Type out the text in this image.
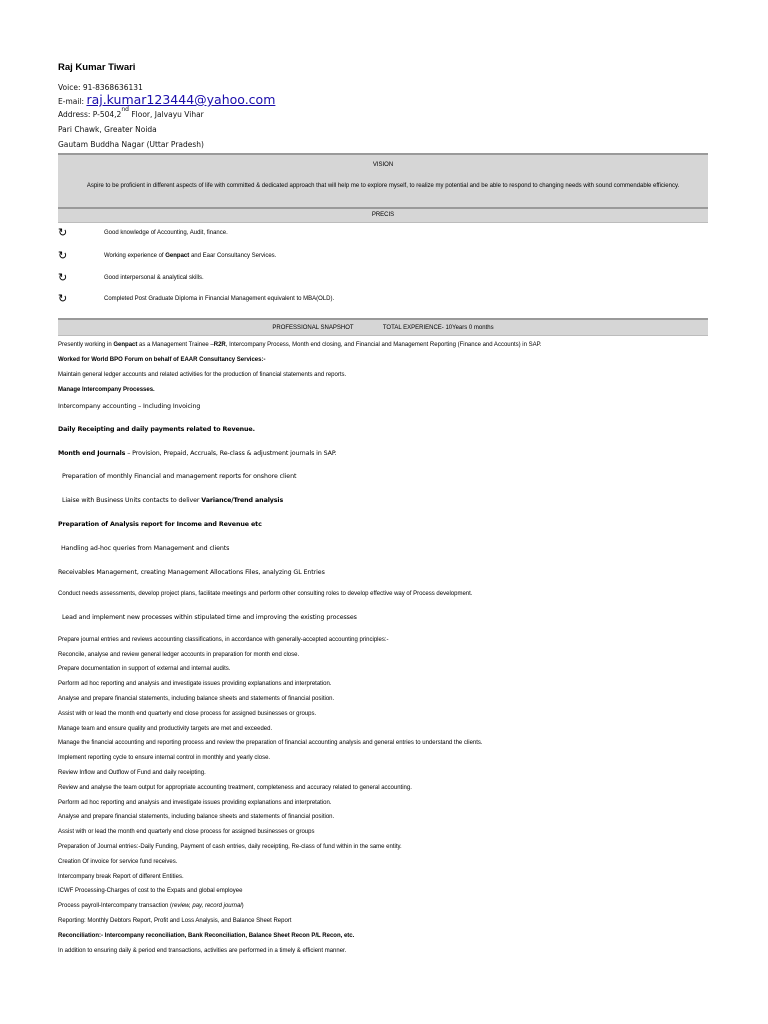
Raj Kumar Tiwari
Voice: 91-8368636131
E-mail: raj.kumar123444@yahoo.com
Address: P-504,2nd Floor, Jalvayu Vihar
Pari Chawk, Greater Noida
Gautam Buddha Nagar (Uttar Pradesh)
VISION
Aspire to be proficient in different aspects of life with committed & dedicated approach that will help me to explore myself, to realize my potential and be able to respond to changing needs with sound commendable efficiency.
PRECIS
↻	Good knowledge of Accounting, Audit, finance.
↻	Working experience of Genpact and Eaar Consultancy Services.
↻	Good interpersonal & analytical skills.
↻	Completed Post Graduate Diploma in Financial Management equivalent to MBA(OLD).
PROFESSIONAL SNAPSHOT	TOTAL EXPERIENCE- 10Years 0 months
Presently working in Genpact as a Management Trainee –R2R, Intercompany Process, Month end closing, and Financial and Management Reporting (Finance and Accounts) in SAP.
Worked for World BPO Forum on behalf of EAAR Consultancy Services:-
Maintain general ledger accounts and related activities for the production of financial statements and reports.
Manage Intercompany Processes.
Intercompany accounting – Including Invoicing
Daily Receipting and daily payments related to Revenue.
Month end Journals – Provision, Prepaid, Accruals, Re-class & adjustment journals in SAP.
Preparation of monthly Financial and management reports for onshore client
Liaise with Business Units contacts to deliver Variance/Trend analysis
Preparation of Analysis report for Income and Revenue etc
Handling ad-hoc queries from Management and clients
Receivables Management, creating Management Allocations Files, analyzing GL Entries
Conduct needs assessments, develop project plans, facilitate meetings and perform other consulting roles to develop effective way of Process development.
Lead and implement new processes within stipulated time and improving the existing processes
Prepare journal entries and reviews accounting classifications, in accordance with generally-accepted accounting principles:-
Reconcile, analyse and review general ledger accounts in preparation for month end close.
Prepare documentation in support of external and internal audits.
Perform ad hoc reporting and analysis and investigate issues providing explanations and interpretation.
Analyse and prepare financial statements, including balance sheets and statements of financial position.
Assist with or lead the month end quarterly end close process for assigned businesses or groups.
Manage team and ensure quality and productivity targets are met and exceeded.
Manage the financial accounting and reporting process and review the preparation of financial accounting analysis and general entries to understand the clients.
Implement reporting cycle to ensure internal control in monthly and yearly close.
Review Inflow and Outflow of Fund and daily receipting.
Review and analyse the team output for appropriate accounting treatment, completeness and accuracy related to general accounting.
Perform ad hoc reporting and analysis and investigate issues providing explanations and interpretation.
Analyse and prepare financial statements, including balance sheets and statements of financial position.
Assist with or lead the month end quarterly end close process for assigned businesses or groups
Preparation of Journal entries:-Daily Funding, Payment of cash entries, daily receipting, Re-class of fund within in the same entity.
Creation Of invoice for service fund receives.
Intercompany break Report of different Entities.
ICWF Processing-Charges of cost to the Expats and global employee
Process payroll-Intercompany transaction (review, pay, record journal)
Reporting: Monthly Debtors Report, Profit and Loss Analysis, and Balance Sheet Report
Reconciliation:- Intercompany reconciliation, Bank Reconciliation, Balance Sheet Recon P/L Recon, etc.
In addition to ensuring daily & period end transactions, activities are performed in a timely & efficient manner.
